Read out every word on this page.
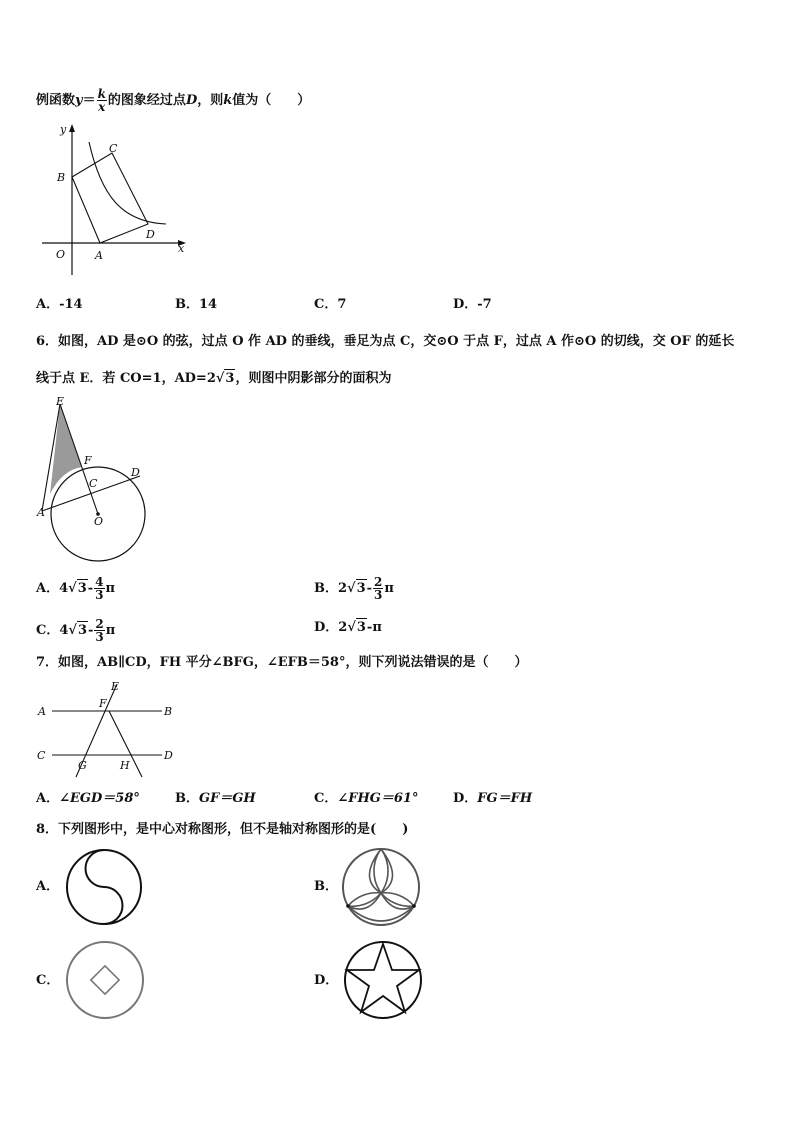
例函数$y= \frac{k}{x}$ 的图象经过点D，则k值为（　　）
y
x
O	A
B
C
D
A．-14	B．14	C．7	D．-7
6．如图，AD 是⊙O 的弦，过点 O 作 AD 的垂线，垂足为点 C，交⊙O 于点 F，过点 A 作⊙O 的切线，交 OF 的延长
线于点 E．若 CO=1，AD=2√3，则图中阴影部分的面积为
E
F
D
C
A
O
A．$4√3- \frac{4}{3}$ π	B．$2√3- \frac{2}{3}$ π
C．$4√3- \frac{2}{3}$ π	D．2√3-π
7．如图，AB∥CD，FH 平分∠BFG，∠EFB＝58°，则下列说法错误的是（　　）
E
F
A	B
C	D
G	H
A．∠EGD＝58°	B．GF＝GH	C．∠FHG＝61°	D．FG＝FH
8．下列图形中，是中心对称图形，但不是轴对称图形的是(　　)
A．	B．
C．	D．
